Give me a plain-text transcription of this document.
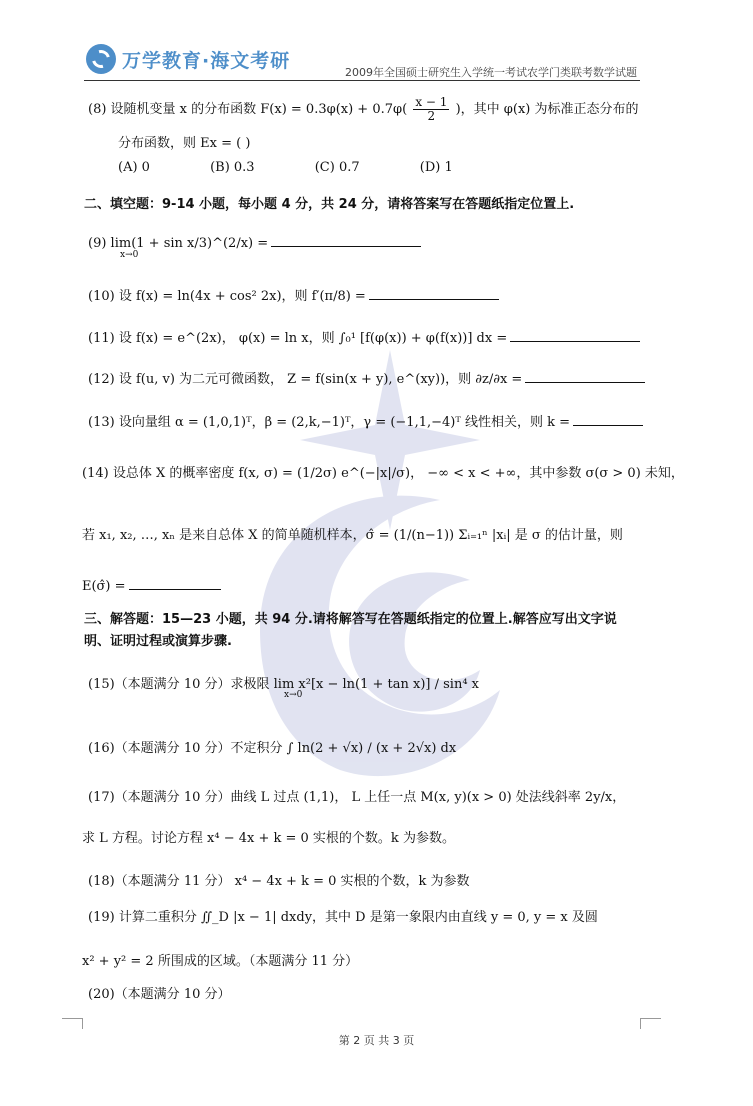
万学教育·海文考研
2009年全国硕士研究生入学统一考试农学门类联考数学试题
(8) 设随机变量 x 的分布函数 $F(x) = 0.3\varphi(x) + 0.7\varphi( \frac{x - 1}{2}$ )，其中 φ(x) 为标准正态分布的
分布函数，则 Ex = ( )
(A) 0	(B) 0.3	(C) 0.7	(D) 1
二、填空题：9-14 小题，每小题 4 分，共 24 分，请将答案写在答题纸指定位置上.
(9) lim(1 + sin x/3)^(2/x) =
x→0
(10) 设 f(x) = ln(4x + cos² 2x)，则 f′(π/8) =
(11) 设 f(x) = e^(2x)， φ(x) = ln x，则 ∫₀¹ [f(φ(x)) + φ(f(x))] dx =
(12) 设 f(u, v) 为二元可微函数， Z = f(sin(x + y), e^(xy))，则 ∂z/∂x =
(13) 设向量组 α = (1,0,1)ᵀ，β = (2,k,−1)ᵀ，γ = (−1,1,−4)ᵀ 线性相关，则 k =
(14) 设总体 X 的概率密度 f(x, σ) = (1/2σ) e^(−|x|/σ)， −∞ < x < +∞，其中参数 σ(σ > 0) 未知，
若 x₁, x₂, …, xₙ 是来自总体 X 的简单随机样本，σ̂ = (1/(n−1)) Σᵢ₌₁ⁿ |xᵢ| 是 σ 的估计量，则
E(σ̂) =
三、解答题：15—23 小题，共 94 分.请将解答写在答题纸指定的位置上.解答应写出文字说
明、证明过程或演算步骤.
(15)（本题满分 10 分）求极限 lim x²[x − ln(1 + tan x)] / sin⁴ x
x→0
(16)（本题满分 10 分）不定积分 ∫ ln(2 + √x) / (x + 2√x) dx
(17)（本题满分 10 分）曲线 L 过点 (1,1)， L 上任一点 M(x, y)(x > 0) 处法线斜率 2y/x，
求 L 方程。讨论方程 x⁴ − 4x + k = 0 实根的个数。k 为参数。
(18)（本题满分 11 分） x⁴ − 4x + k = 0 实根的个数，k 为参数
(19) 计算二重积分 ∬_D |x − 1| dxdy，其中 D 是第一象限内由直线 y = 0, y = x 及圆
x² + y² = 2 所围成的区域。（本题满分 11 分）
(20)（本题满分 10 分）
第 2 页 共 3 页
